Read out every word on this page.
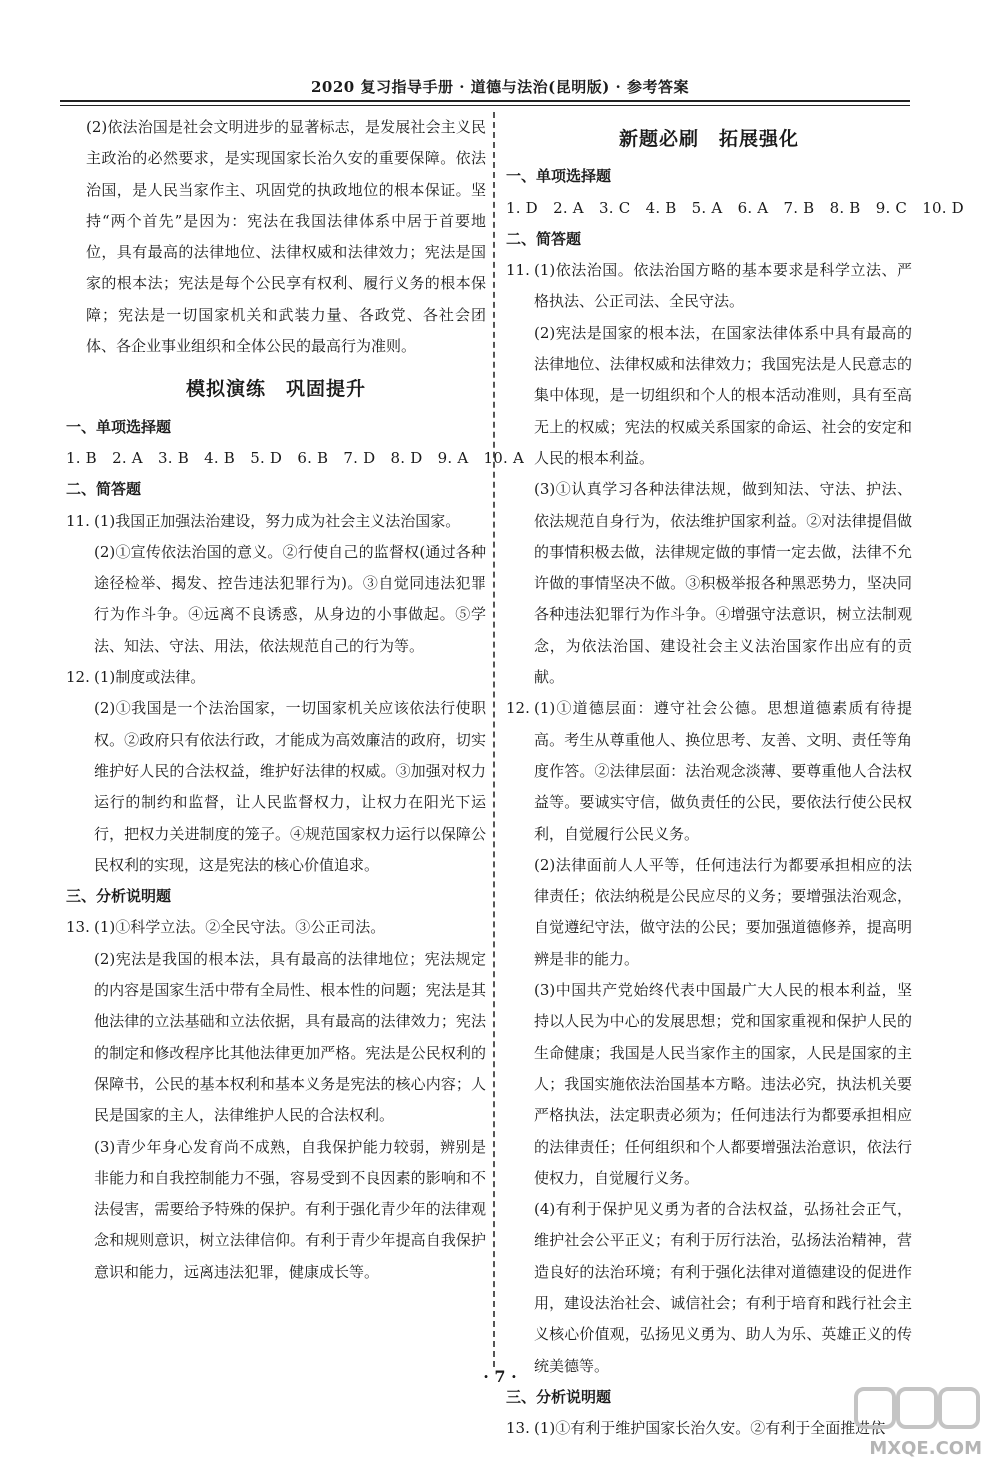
2020 复习指导手册 · 道德与法治(昆明版) · 参考答案

(2)依法治国是社会文明进步的显著标志，是发展社会主义民主政治的必然要求，是实现国家长治久安的重要保障。依法治国，是人民当家作主、巩固党的执政地位的根本保证。坚持“两个首先”是因为：宪法在我国法律体系中居于首要地位，具有最高的法律地位、法律权威和法律效力；宪法是国家的根本法；宪法是每个公民享有权利、履行义务的根本保障；宪法是一切国家机关和武装力量、各政党、各社会团体、各企业事业组织和全体公民的最高行为准则。

模拟演练　巩固提升

一、单项选择题

1. B　2. A　3. B　4. B　5. D　6. B　7. D　8. D　9. A　10. A

二、简答题

11. (1)我国正加强法治建设，努力成为社会主义法治国家。

(2)①宣传依法治国的意义。②行使自己的监督权(通过各种途径检举、揭发、控告违法犯罪行为)。③自觉同违法犯罪行为作斗争。④远离不良诱惑，从身边的小事做起。⑤学法、知法、守法、用法，依法规范自己的行为等。

12. (1)制度或法律。

(2)①我国是一个法治国家，一切国家机关应该依法行使职权。②政府只有依法行政，才能成为高效廉洁的政府，切实维护好人民的合法权益，维护好法律的权威。③加强对权力运行的制约和监督，让人民监督权力，让权力在阳光下运行，把权力关进制度的笼子。④规范国家权力运行以保障公民权利的实现，这是宪法的核心价值追求。

三、分析说明题

13. (1)①科学立法。②全民守法。③公正司法。

(2)宪法是我国的根本法，具有最高的法律地位；宪法规定的内容是国家生活中带有全局性、根本性的问题；宪法是其他法律的立法基础和立法依据，具有最高的法律效力；宪法的制定和修改程序比其他法律更加严格。宪法是公民权利的保障书，公民的基本权利和基本义务是宪法的核心内容；人民是国家的主人，法律维护人民的合法权利。

(3)青少年身心发育尚不成熟，自我保护能力较弱，辨别是非能力和自我控制能力不强，容易受到不良因素的影响和不法侵害，需要给予特殊的保护。有利于强化青少年的法律观念和规则意识，树立法律信仰。有利于青少年提高自我保护意识和能力，远离违法犯罪，健康成长等。

新题必刷　拓展强化

一、单项选择题

1. D　2. A　3. C　4. B　5. A　6. A　7. B　8. B　9. C　10. D

二、简答题

11. (1)依法治国。依法治国方略的基本要求是科学立法、严格执法、公正司法、全民守法。

(2)宪法是国家的根本法，在国家法律体系中具有最高的法律地位、法律权威和法律效力；我国宪法是人民意志的集中体现，是一切组织和个人的根本活动准则，具有至高无上的权威；宪法的权威关系国家的命运、社会的安定和人民的根本利益。

(3)①认真学习各种法律法规，做到知法、守法、护法、依法规范自身行为，依法维护国家利益。②对法律提倡做的事情积极去做，法律规定做的事情一定去做，法律不允许做的事情坚决不做。③积极举报各种黑恶势力，坚决同各种违法犯罪行为作斗争。④增强守法意识，树立法制观念，为依法治国、建设社会主义法治国家作出应有的贡献。

12. (1)①道德层面：遵守社会公德。思想道德素质有待提高。考生从尊重他人、换位思考、友善、文明、责任等角度作答。②法律层面：法治观念淡薄、要尊重他人合法权益等。要诚实守信，做负责任的公民，要依法行使公民权利，自觉履行公民义务。

(2)法律面前人人平等，任何违法行为都要承担相应的法律责任；依法纳税是公民应尽的义务；要增强法治观念，自觉遵纪守法，做守法的公民；要加强道德修养，提高明辨是非的能力。

(3)中国共产党始终代表中国最广大人民的根本利益，坚持以人民为中心的发展思想；党和国家重视和保护人民的生命健康；我国是人民当家作主的国家，人民是国家的主人；我国实施依法治国基本方略。违法必究，执法机关要严格执法，法定职责必须为；任何违法行为都要承担相应的法律责任；任何组织和个人都要增强法治意识，依法行使权力，自觉履行义务。

(4)有利于保护见义勇为者的合法权益，弘扬社会正气，维护社会公平正义；有利于厉行法治，弘扬法治精神，营造良好的法治环境；有利于强化法律对道德建设的促进作用，建设法治社会、诚信社会；有利于培育和践行社会主义核心价值观，弘扬见义勇为、助人为乐、英雄正义的传统美德等。

三、分析说明题

13. (1)①有利于维护国家长治久安。②有利于全面推进依

· 7 ·
MXQE.COM
